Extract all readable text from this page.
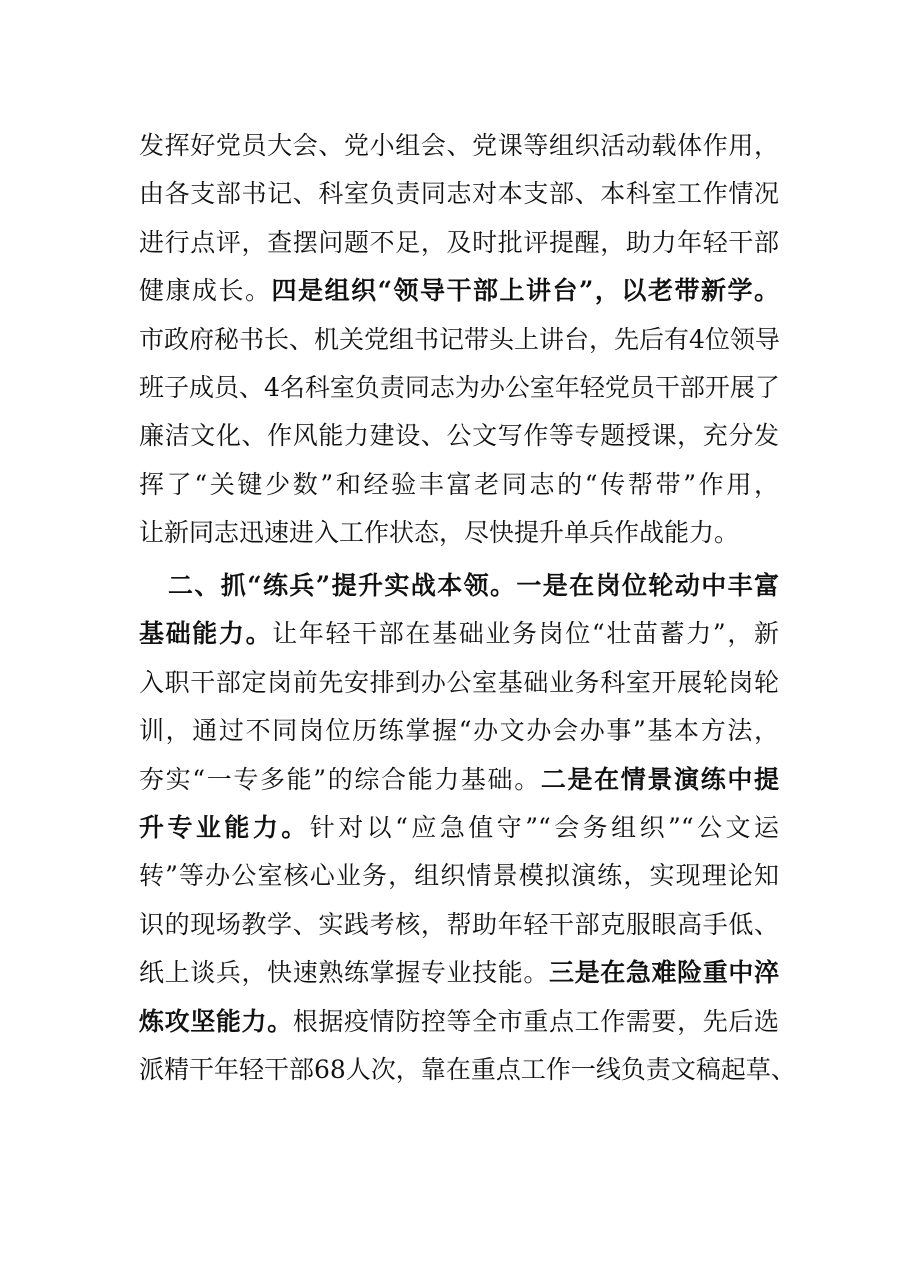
发挥好党员大会、党小组会、党课等组织活动载体作用，
由各支部书记、科室负责同志对本支部、本科室工作情况
进行点评，查摆问题不足，及时批评提醒，助力年轻干部
健康成长。四是组织“领导干部上讲台”，以老带新学。
市政府秘书长、机关党组书记带头上讲台，先后有4位领导
班子成员、4名科室负责同志为办公室年轻党员干部开展了
廉洁文化、作风能力建设、公文写作等专题授课，充分发
挥了“关键少数”和经验丰富老同志的“传帮带”作用，
让新同志迅速进入工作状态，尽快提升单兵作战能力。
二、抓“练兵”提升实战本领。一是在岗位轮动中丰富
基础能力。让年轻干部在基础业务岗位“壮苗蓄力”，新
入职干部定岗前先安排到办公室基础业务科室开展轮岗轮
训，通过不同岗位历练掌握“办文办会办事”基本方法，
夯实“一专多能”的综合能力基础。二是在情景演练中提
升专业能力。针对以“应急值守”“会务组织”“公文运
转”等办公室核心业务，组织情景模拟演练，实现理论知
识的现场教学、实践考核，帮助年轻干部克服眼高手低、
纸上谈兵，快速熟练掌握专业技能。三是在急难险重中淬
炼攻坚能力。根据疫情防控等全市重点工作需要，先后选
派精干年轻干部68人次，靠在重点工作一线负责文稿起草、
